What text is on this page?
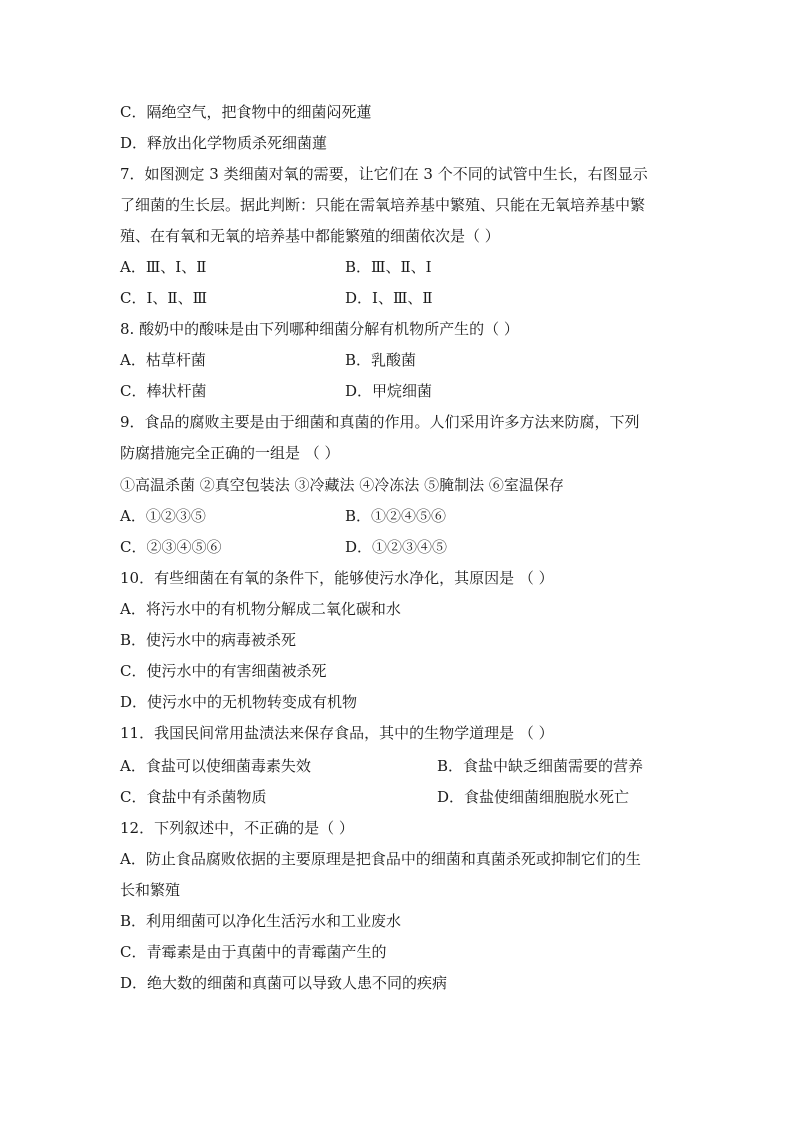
C．隔绝空气，把食物中的细菌闷死蓮
D．释放出化学物质杀死细菌蓮
7．如图测定 3 类细菌对氧的需要，让它们在 3 个不同的试管中生长，右图显示
了细菌的生长层。据此判断：只能在需氧培养基中繁殖、只能在无氧培养基中繁
殖、在有氧和无氧的培养基中都能繁殖的细菌依次是（ ）
A．Ⅲ、Ⅰ、Ⅱ	B．Ⅲ、Ⅱ、Ⅰ
C．Ⅰ、Ⅱ、Ⅲ	D．Ⅰ、Ⅲ、Ⅱ
8. 酸奶中的酸味是由下列哪种细菌分解有机物所产生的（ ）
A．枯草杆菌	B．乳酸菌
C．棒状杆菌	D．甲烷细菌
9．食品的腐败主要是由于细菌和真菌的作用。人们采用许多方法来防腐，下列
防腐措施完全正确的一组是 （ ）
①高温杀菌 ②真空包装法 ③冷藏法 ④冷冻法 ⑤腌制法 ⑥室温保存
A．①②③⑤	B．①②④⑤⑥
C．②③④⑤⑥	D．①②③④⑤
10．有些细菌在有氧的条件下，能够使污水净化，其原因是 （ ）
A．将污水中的有机物分解成二氧化碳和水
B．使污水中的病毒被杀死
C．使污水中的有害细菌被杀死
D．使污水中的无机物转变成有机物
11．我国民间常用盐渍法来保存食品，其中的生物学道理是 （ ）
A．食盐可以使细菌毒素失效	B．食盐中缺乏细菌需要的营养
C．食盐中有杀菌物质	D．食盐使细菌细胞脱水死亡
12．下列叙述中，不正确的是（ ）
A．防止食品腐败依据的主要原理是把食品中的细菌和真菌杀死或抑制它们的生
长和繁殖
B．利用细菌可以净化生活污水和工业废水
C．青霉素是由于真菌中的青霉菌产生的
D．绝大数的细菌和真菌可以导致人患不同的疾病
